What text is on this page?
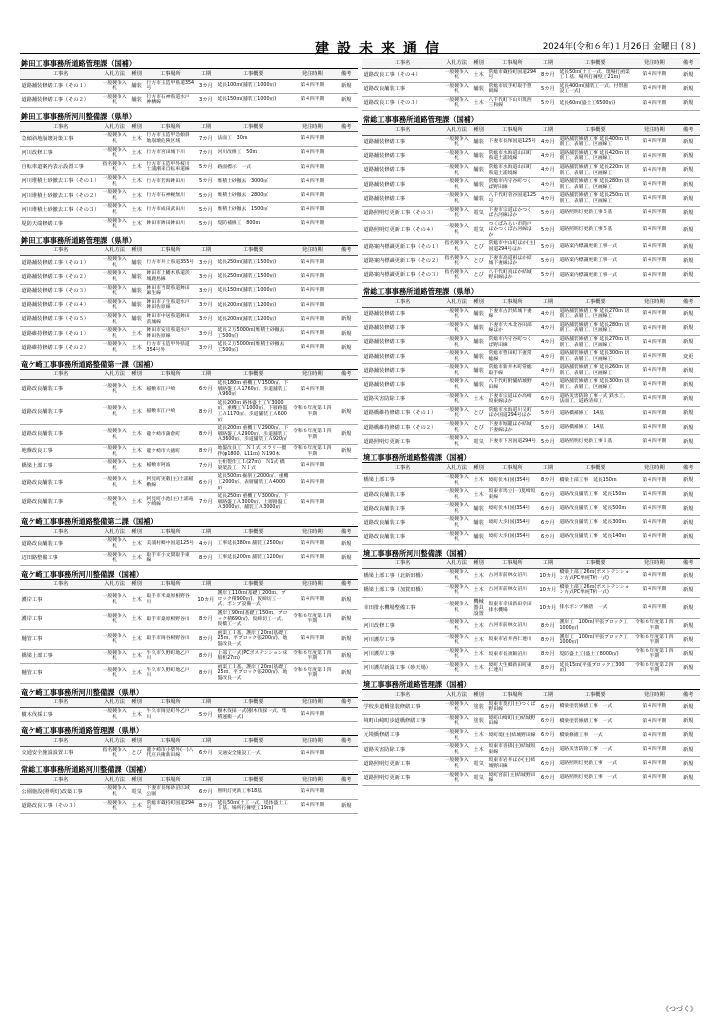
建設未来通信	2024年(令和６年)１月26日 金曜日 (８)
鉾田工事事務所道路管理課（国補）
工事名	入札方法	種別	工事場所	工期	工事概要	発注時期	備考
道路舗装修繕工事（その１）	一般競争入札	舗装	行方市玉造甲県道354号	3カ月	延長100ｍ(舗装工1000㎡)	第４四半期	新規
道路舗装修繕工事（その２）	一般競争入札	舗装	行方市石神県道水戸神栖線	3カ月	延長150ｍ(舗装工1000㎡)	第４四半期	新規
鉾田工事事務所河川整備課（県単）
工事名	入札方法	種別	工事場所	工期	工事概要	発注時期	備考
急傾斜地崩壊対策工事	一般競争入札	土木	行方市玉造甲急傾斜地崩壊危険区域	7カ月	法面工　30ｍ	第４四半期	
河川改修工事	一般競争入札	土木	行方市宮田城下川	7カ月	河川改修工　50ｍ	第４四半期	
自転車道案内表示設置工事	指名競争入札	土木	行方市玉造甲外桜川土浦潮来自転車道線	5カ月	路面標示　一式	第４四半期	
河川堆積土砂撤去工事（その１）	一般競争入札	土木	行方市若海鉾田川	5カ月	堆積土砂撤去　3000㎥	第４四半期	
河川堆積土砂撤去工事（その２）	一般競争入札	土木	行方市石神梶無川	5カ月	堆積土砂撤去　2800㎥	第４四半期	
河川堆積土砂撤去工事（その３）	一般競争入札	土木	行方市成田武田川	5カ月	堆積土砂撤去　1500㎥	第４四半期	
堤防天端修繕工事	一般競争入札	土木	鉾田市鉾田鉾田川	5カ月	堤防補修工　800ｍ	第４四半期	
鉾田工事事務所道路管理課（県単）
工事名	入札方法	種別	工事場所	工期	工事概要	発注時期	備考
道路舗装修繕工事（その１）	一般競争入札	舗装	行方市井上県道355号	3カ月	延長250ｍ(舗装工1500㎡)	第４四半期	
道路舗装修繕工事（その２）	一般競争入札	舗装	鉾田市上幡木県道茨城鹿島線	3カ月	延長250ｍ(舗装工1500㎡)	第４四半期	
道路舗装修繕工事（その３）	一般競争入札	舗装	鉾田市当間県道鉾田麻生線	3カ月	延長150ｍ(舗装工1000㎡)	第４四半期	
道路舗装修繕工事（その４）	一般競争入札	舗装	鉾田市子生県道水戸鉾田佐原線	3カ月	延長200ｍ(舗装工1200㎡)	第４四半期	
道路舗装修繕工事（その５）	一般競争入札	舗装	鉾田市中居県道鉾田茨城線	3カ月	延長200ｍ(舗装工1200㎡)	第４四半期	新規
道路維持修繕工事（その１）	一般競争入札	土木	鉾田市安房県道水戸鉾田佐原線	3カ月	延長２万5000ｍ(堆積土砂撤去工500㎥)	第４四半期	新規
道路維持修繕工事（その２）	一般競争入札	土木	行方市玉造甲外県道354号外	3カ月	延長２万5000ｍ(堆積土砂撤去工500㎥)	第４四半期	新規
竜ケ崎工事事務所道路整備第一課（国補）
工事名	入札方法	種別	工事場所	工期	工事概要	発注時期	備考
道路改良舗装工事	一般競争入札	土木	稲敷市江戸崎	6カ月	延長180ｍ 重機工Ｖ1500㎥、下層路盤工Ａ1760㎡、歩道舗装工Ａ960㎡	第４四半期	
道路改良舗装工事	一般競争入札	土木	稲敷市江戸崎	8カ月	延長200ｍ 路体盛土工Ｖ3000㎥、重機工Ｖ1000㎥、下層路盤工Ａ1170㎡、歩道舗装工Ａ600㎡	令和６年度第１四半期	新規
道路改良舗装工事	一般競争入札	土木	龍ケ崎市蒲倉町	8カ月	延長200ｍ 重機工Ｖ2900㎥、下層路盤工Ａ2900㎡、歩道舗装工Ａ3600㎡、歩道舗装工Ａ920㎡	令和６年度第１四半期	新規
地盤改良工事	一般競争入札	土木	龍ケ崎市大徳町	8カ月	地盤改良工　Ｎ１式 スラリー攪拌(φ1800、L11ｍ) Ｎ190本	令和６年度第１四半期	新規
橋梁上部工事	一般競争入札	土木	稲敷市阿波	7カ月	主桁製作工Ｌ(27ｍ)　Ｎ1式 橋梁架設工　Ｎ１式	第４四半期	
道路改良舗装工事	一般競争入札	土木	阿見町実穀(主)土浦稲敷線	6カ月	延長500ｍ 掘削工2000㎥、重機工2000㎥、表層舗装工Ａ4000㎡	第４四半期	
道路改良舗装工事	一般競争入札	土木	阿見町小池(主)土浦竜ケ崎線	7カ月	延長250ｍ 重機工Ｖ3000㎥、下層路盤工Ａ3000㎡、上層路盤工Ａ3000㎡、舗装工Ａ3000㎡	第４四半期	
竜ケ崎工事事務所道路整備第二課（国補）
工事名	入札方法	種別	工事場所	工期	工事概要	発注時期	備考
道路改良舗装工事	一般競争入札	土木	美浦村郷中国道125号	4カ月	工事延長380ｍ 舗装工2500㎡	第４四半期	新規
辺田路整備工事	一般競争入札	土木	取手市小文間取手東線	8カ月	工事延長200ｍ 舗装工1200㎡	第４四半期	新規
竜ケ崎工事事務所河川整備課（国補）
工事名	入札方法	種別	工事場所	工期	工事概要	発注時期	備考
護岸工事	一般競争入札	土木	取手市米桑原相野谷川	10カ月	護岸工110ｍ(基礎工200ｍ、ブロック積900㎡)、仮締切工一式、ポンプ設備一式	第４四半期	新規
護岸工事	一般競争入札	土木	取手市桑原相野谷川	8カ月	護岸工90ｍ(基礎工150ｍ、ブロック積690㎡)、仮締切工一式、仮橋工一式	令和６年度第１四半期	新規
樋管工事	一般競争入札	土木	取手市岡谷相野谷川	8カ月	函渠工１基、護岸工20ｍ(基礎工25ｍ、平ブロック張200㎡)、地盤改良一式	第４四半期	新規
橋梁上部工事	一般競争入札	土木	牛久市久野町地乙戸川	8カ月	上部工一式(PCポステンション床版桁27ｍ)	令和６年度第１四半期	新規
樋管工事	一般競争入札	土木	牛久市久野町地乙戸川	8カ月	函渠工１基、護岸工20ｍ(基礎工25ｍ、平ブロック張200㎡)、地盤改良一式	令和６年度第１四半期	新規
竜ケ崎工事事務所河川整備課（県単）
工事名	入札方法	種別	工事場所	工期	工事概要	発注時期	備考
樹木伐採工事	一般競争入札	土木	牛久市岡見町外乙戸川	5カ月	樹木伐採一式(樹木伐採一式、集積運搬一式)	第４四半期	
竜ケ崎工事事務所道路管理課（県単）
工事名	入札方法	種別	工事場所	工期	工事概要	発注時期	備考
交通安全施設設置工事	指名競争入札	とび	龍ケ崎市小柴外(一)八代庄兵衛新田線	6カ月	交通安全施設工一式	第４四半期	
常総工事事務所道路河川整備課（国補）
工事名	入札方法	種別	工事場所	工期	工事概要	発注時期	備考
公園施設(照明灯)改築工事	一般競争入札	電気	下妻市長塚砂沼広域公園	6カ月	照明灯更新工事18基	第４四半期	
道路改良工事（その３）	一般競争入札	土木	常総市蔵持町国道294号	8カ月	延長50ｍ(土工一式、堤体盛土工１基、場所打擁壁工19ｍ)	第４四半期	新規
工事名	入札方法	種別	工事場所	工期	工事概要	発注時期	備考
道路改良工事（その４）	一般競争入札	土木	常総市蔵持町国道294号	8カ月	延長50ｍ(土工一式、現場打函渠工１基、場所打擁壁工21ｍ)	第４四半期	新規
道路改良舗装工事	一般競争入札	舗装	常総市坂手町取手豊岡線	5カ月	延長400ｍ(舗装工一式、付帯施設工一式)	第４四半期	新規
道路改良工事（その３）	一般競争入札	土木	八千代町下山川筑西三和線	5カ月	延長60ｍ(盛土工6500㎥)	第４四半期	新規
常総工事事務所道路管理課（国補）
工事名	入札方法	種別	工事場所	工期	工事概要	発注時期	備考
道路舗装修繕工事	一般競争入札	舗装	下妻市長塚国道125号	4カ月	道路舗装修繕工事 延長400ｍ 切削工、表層工、区画線工	第４四半期	新規
道路舗装修繕工事	一般競争入札	舗装	常総市水海道山田町県道土浦境線	4カ月	道路舗装修繕工事 延長420ｍ 切削工、表層工、区画線工	第４四半期	新規
道路舗装修繕工事	一般競争入札	舗装	常総市水海道山田町県道土浦境線	4カ月	道路舗装修繕工事 延長220ｍ 切削工、表層工、区画線工	第４四半期	新規
道路舗装修繕工事	一般競争入札	舗装	常総市内守谷町つくば野田線	4カ月	道路舗装修繕工事 延長280ｍ 切削工、表層工、区画線工	第４四半期	新規
道路舗装修繕工事	一般競争入札	舗装	八千代町菅谷国道125号	4カ月	道路舗装修繕工事 延長250ｍ 切削工、表層工、区画線工	第４四半期	新規
道路照明灯更新工事（その３）	一般競争入札	電気	下妻市宗道ほかつくば古河線ほか	5カ月	道路照明灯更新工事５基	第４四半期	新規
道路照明灯更新工事（その４）	一般競争入札	電気	つくばみらい市筒戸ほかつくば古河線ほか	5カ月	道路照明灯更新工事５基	第４四半期	新規
道路案内標識更新工事（その１）	指名競争入札	とび	常総市中山町ほか(主)国道294号ほか	5カ月	道路案内標識更新工事一式	第４四半期	新規
道路案内標識更新工事（その２）	指名競争入札	とび	下妻市高道祖ほか結城下妻線ほか	5カ月	道路案内標識更新工事一式	第４四半期	新規
道路案内標識更新工事（その３）	指名競争入札	とび	八千代町真ほか結城野田線ほか	5カ月	道路案内標識更新工事一式	第４四半期	新規
常総工事事務所道路管理課（県単）
工事名	入札方法	種別	工事場所	工期	工事概要	発注時期	備考
道路舗装修繕工事	一般競争入札	舗装	下妻市古沢結城下妻線	4カ月	道路舗装修繕工事 延長270ｍ 切削工、表層工、区画線工	第４四半期	新規
道路舗装修繕工事	一般競争入札	舗装	下妻市大木北谷田部線ほか	4カ月	道路舗装修繕工事 延長280ｍ 切削工、表層工、区画線工	第４四半期	新規
道路舗装修繕工事	一般競争入札	舗装	常総市内守谷町つくば野田線	4カ月	道路舗装修繕工事 延長270ｍ 切削工、表層工、区画線工	第４四半期	新規
道路舗装修繕工事	一般競争入札	舗装	常総市豊田町下妻常総線	4カ月	道路舗装修繕工事 延長300ｍ 切削工、表層工、区画線工	第４四半期	変更
道路舗装修繕工事	一般競争入札	舗装	常総市新井木町常総取手線	4カ月	道路舗装修繕工事 延長260ｍ 切削工、表層工、区画線工	第４四半期	新規
道路舗装修繕工事	一般競争入札	舗装	八千代町附舗結城野田線	4カ月	道路舗装修繕工事 延長300ｍ 切削工、表層工、区画線工	第４四半期	新規
道路災害防除工事	一般競争入札	土木	下妻市宗道ほか高崎坂東線ほか	6カ月	道路災害防除工事一式 鉄水工、法面工、道路清掃工	第４四半期	新規
道路橋維持修繕工事（その１）	一般競争入札	とび	常総市水海道川又町ほか国道294号ほか	5カ月	道路橋補修工　14基	第４四半期	新規
道路橋維持修繕工事（その２）	一般競争入札	とび	下妻市堀籠ほか結城下妻線ほか	5カ月	道路橋補修工　14基	第４四半期	新規
道路照明灯更新工事	一般競争入札	電気	下妻市下宮国道294号	5カ月	道路照明灯更新工事１基	第４四半期	新規
境工事事務所道路整備課（国補）
工事名	入札方法	種別	工事場所	工期	工事概要	発注時期	備考
橋梁上部工事	一般競争入札	土木	境町伏木(国)354号	8カ月	橋梁上部工事　延長150ｍ	第４四半期	新規
道路改良舗装工事	一般競争入札	土木	坂東市馬立(一)莫崎坂東線	6カ月	道路改良舗装工事　延長150ｍ	第４四半期	新規
道路改良舗装工事	一般競争入札	舗装	境町伏木(国)354号	6カ月	道路改良舗装工事　延長500ｍ	第４四半期	新規
道路改良舗装工事	一般競争入札	舗装	境町大歩(国)354号	6カ月	道路改良舗装工事　延長300ｍ	第４四半期	新規
道路改良舗装工事	一般競争入札	舗装	境町大歩(国)354号	6カ月	道路改良舗装工事　延長140ｍ	第４四半期	新規
境工事事務所河川整備課（国補）
工事名	入札方法	種別	工事場所	工期	工事概要	発注時期	備考
橋梁上部工事（北新田橋）	一般競争入札	土木	古河市前林女沼川	10カ月	橋梁上部工26ｍ(ポストテンション方式PC単純T桁一式)	第４四半期	新規
橋梁上部工事（加賀田橋）	一般競争入札	土木	古河市前林女沼川	10カ月	橋梁上部工26ｍ(ポストテンション方式PC単純T桁一式)	第４四半期	新規
幸田排水機場整備工事	一般競争入札	機械器具設置	坂東市幸田新田幸田排水機場	10カ月	排水ポンプ修繕　一式	第４四半期	新規
河川改修工事	一般競争入札	土木	古河市前林女沼川	8カ月	護岸工　100ｍ(平張ブロック工1000㎡)	令和６年度第１四半期	新規
河川護岸工事	一般競争入札	土木	坂東市岩井西仁連川	8カ月	護岸工　100ｍ(平張ブロック工1000㎡)	令和６年度第１四半期	新規
河川護岸工事	一般競争入札	土木	坂東市長須飯沼川	8カ月	堤防盛土工(盛土工8000㎥)	令和６年度第１四半期	新規
河川護岸新設工事（砂天場）	一般競争入札	土木	境町大生郷新田町東仁連川	8カ月	延長15ｍ(平張ブロック工300㎡)	令和６年度第２四半期	新規
境工事事務所道路管理課（国補）
工事名	入札方法	種別	工事場所	工期	工事概要	発注時期	備考
学校歩道橋塗装修繕工事	一般競争入札	塗装	坂東市莫打(主)つくば野田線	6カ月	橋梁塗装修繕工事　一式	第４四半期	新規
境町山崎町歩道橋修繕工事	一般競争入札	塗装	境町山崎町(主)結城野田線	6カ月	橋梁塗装修繕工事　一式	第４四半期	新規
元境橋修繕工事	一般競争入札	土木	境町境(主)結城野田線	6カ月	橋梁修繕工事　一式	第４四半期	新規
道路災害防除工事	一般競争入札	土木	坂東市沓掛(主)結城坂東線	6カ月	道路災害防除工事　一式	第４四半期	新規
道路照明灯更新工事	一般競争入札	電気	坂東市岩井ほか(主)結城野田線	6カ月	道路照明灯更新工事　一式	第４四半期	新規
道路照明灯更新工事	一般競争入札	電気	境町宮前(主)結城野田線	6カ月	道路照明灯更新工事　一式	第４四半期	新規
《つづく》
